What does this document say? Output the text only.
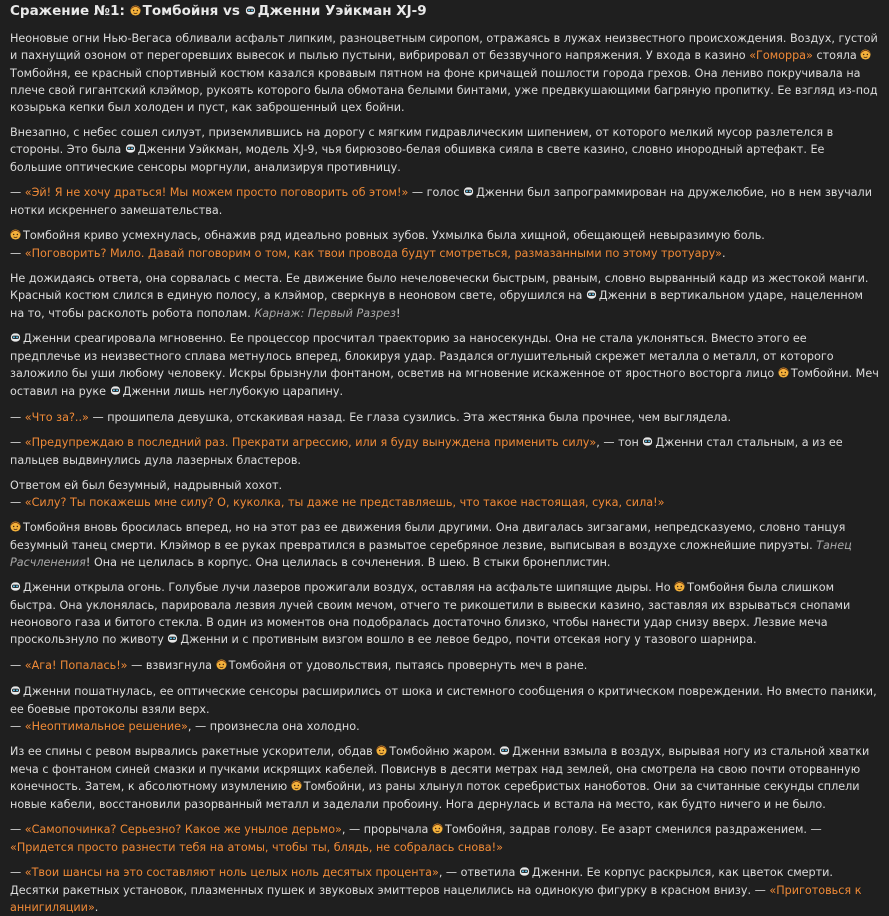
Сражение №1: Томбойня vs Дженни Уэйкман XJ-9

Неоновые огни Нью-Вегаса обливали асфальт липким, разноцветным сиропом, отражаясь в лужах неизвестного происхождения. Воздух, густой и пахнущий озоном от перегоревших вывесок и пылью пустыни, вибрировал от беззвучного напряжения. У входа в казино «Гоморра» стояла Томбойня, ее красный спортивный костюм казался кровавым пятном на фоне кричащей пошлости города грехов. Она лениво покручивала на плече свой гигантский клэймор, рукоять которого была обмотана белыми бинтами, уже предвкушающими багряную пропитку. Ее взгляд из-под козырька кепки был холоден и пуст, как заброшенный цех бойни.

Внезапно, с небес сошел силуэт, приземлившись на дорогу с мягким гидравлическим шипением, от которого мелкий мусор разлетелся в стороны. Это была Дженни Уэйкман, модель XJ-9, чья бирюзово-белая обшивка сияла в свете казино, словно инородный артефакт. Ее большие оптические сенсоры моргнули, анализируя противницу.

— «Эй! Я не хочу драться! Мы можем просто поговорить об этом!» — голос Дженни был запрограммирован на дружелюбие, но в нем звучали нотки искреннего замешательства.

Томбойня криво усмехнулась, обнажив ряд идеально ровных зубов. Ухмылка была хищной, обещающей невыразимую боль.
— «Поговорить? Мило. Давай поговорим о том, как твои провода будут смотреться, размазанными по этому тротуару».

Не дожидаясь ответа, она сорвалась с места. Ее движение было нечеловечески быстрым, рваным, словно вырванный кадр из жестокой манги. Красный костюм слился в единую полосу, а клэймор, сверкнув в неоновом свете, обрушился на Дженни в вертикальном ударе, нацеленном на то, чтобы расколоть робота пополам. Карнаж: Первый Разрез!

Дженни среагировала мгновенно. Ее процессор просчитал траекторию за наносекунды. Она не стала уклоняться. Вместо этого ее предплечье из неизвестного сплава метнулось вперед, блокируя удар. Раздался оглушительный скрежет металла о металл, от которого заложило бы уши любому человеку. Искры брызнули фонтаном, осветив на мгновение искаженное от яростного восторга лицо Томбойни. Меч оставил на руке Дженни лишь неглубокую царапину.

— «Что за?..» — прошипела девушка, отскакивая назад. Ее глаза сузились. Эта жестянка была прочнее, чем выглядела.

— «Предупреждаю в последний раз. Прекрати агрессию, или я буду вынуждена применить силу», — тон Дженни стал стальным, а из ее пальцев выдвинулись дула лазерных бластеров.

Ответом ей был безумный, надрывный хохот.
— «Силу? Ты покажешь мне силу? О, куколка, ты даже не представляешь, что такое настоящая, сука, сила!»

Томбойня вновь бросилась вперед, но на этот раз ее движения были другими. Она двигалась зигзагами, непредсказуемо, словно танцуя безумный танец смерти. Клэймор в ее руках превратился в размытое серебряное лезвие, выписывая в воздухе сложнейшие пируэты. Танец Расчленения! Она не целилась в корпус. Она целилась в сочленения. В шею. В стыки бронеплистин.

Дженни открыла огонь. Голубые лучи лазеров прожигали воздух, оставляя на асфальте шипящие дыры. Но Томбойня была слишком быстра. Она уклонялась, парировала лезвия лучей своим мечом, отчего те рикошетили в вывески казино, заставляя их взрываться снопами неонового газа и битого стекла. В один из моментов она подобралась достаточно близко, чтобы нанести удар снизу вверх. Лезвие меча проскользнуло по животу Дженни и с противным визгом вошло в ее левое бедро, почти отсекая ногу у тазового шарнира.

— «Ага! Попалась!» — взвизгнула Томбойня от удовольствия, пытаясь провернуть меч в ране.

Дженни пошатнулась, ее оптические сенсоры расширились от шока и системного сообщения о критическом повреждении. Но вместо паники, ее боевые протоколы взяли верх.
— «Неоптимальное решение», — произнесла она холодно.

Из ее спины с ревом вырвались ракетные ускорители, обдав Томбойню жаром. Дженни взмыла в воздух, вырывая ногу из стальной хватки меча с фонтаном синей смазки и пучками искрящих кабелей. Повиснув в десяти метрах над землей, она смотрела на свою почти оторванную конечность. Затем, к абсолютному изумлению Томбойни, из раны хлынул поток серебристых наноботов. Они за считанные секунды сплели новые кабели, восстановили разорванный металл и заделали пробоину. Нога дернулась и встала на место, как будто ничего и не было.

— «Самопочинка? Серьезно? Какое же унылое дерьмо», — прорычала Томбойня, задрав голову. Ее азарт сменился раздражением. — «Придется просто разнести тебя на атомы, чтобы ты, блядь, не собралась снова!»

— «Твои шансы на это составляют ноль целых ноль десятых процента», — ответила Дженни. Ее корпус раскрылся, как цветок смерти. Десятки ракетных установок, плазменных пушек и звуковых эмиттеров нацелились на одинокую фигурку в красном внизу. — «Приготовься к аннигиляции».
